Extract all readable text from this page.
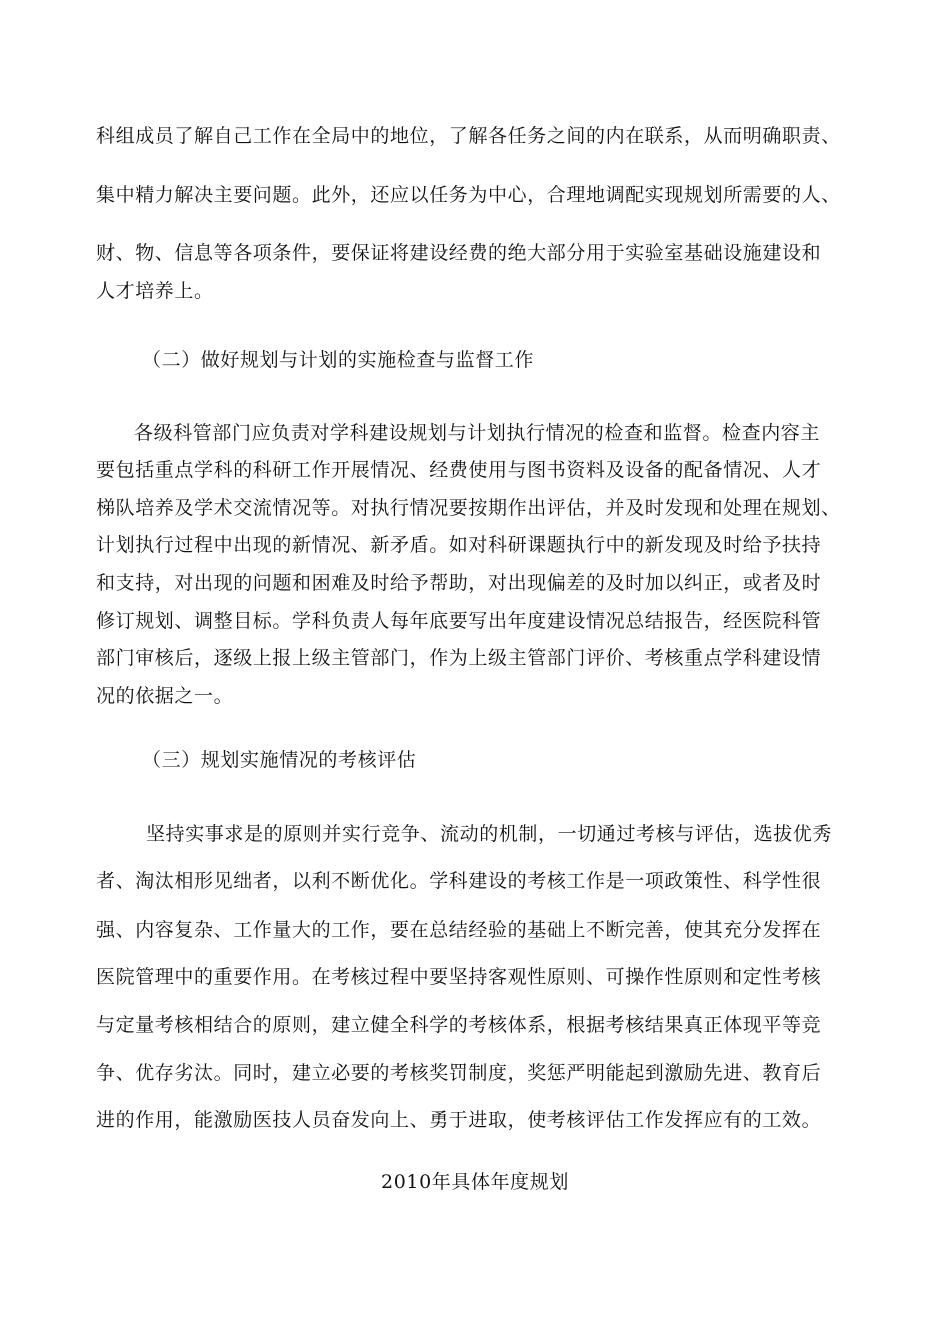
科组成员了解自己工作在全局中的地位，了解各任务之间的内在联系，从而明确职责、
集中精力解决主要问题。此外，还应以任务为中心，合理地调配实现规划所需要的人、
财、物、信息等各项条件，要保证将建设经费的绝大部分用于实验室基础设施建设和
人才培养上。
（二）做好规划与计划的实施检查与监督工作
各级科管部门应负责对学科建设规划与计划执行情况的检查和监督。检查内容主
要包括重点学科的科研工作开展情况、经费使用与图书资料及设备的配备情况、人才
梯队培养及学术交流情况等。对执行情况要按期作出评估，并及时发现和处理在规划、
计划执行过程中出现的新情况、新矛盾。如对科研课题执行中的新发现及时给予扶持
和支持，对出现的问题和困难及时给予帮助，对出现偏差的及时加以纠正，或者及时
修订规划、调整目标。学科负责人每年底要写出年度建设情况总结报告，经医院科管
部门审核后，逐级上报上级主管部门，作为上级主管部门评价、考核重点学科建设情
况的依据之一。
（三）规划实施情况的考核评估
坚持实事求是的原则并实行竞争、流动的机制，一切通过考核与评估，选拔优秀
者、淘汰相形见绌者，以利不断优化。学科建设的考核工作是一项政策性、科学性很
强、内容复杂、工作量大的工作，要在总结经验的基础上不断完善，使其充分发挥在
医院管理中的重要作用。在考核过程中要坚持客观性原则、可操作性原则和定性考核
与定量考核相结合的原则，建立健全科学的考核体系，根据考核结果真正体现平等竞
争、优存劣汰。同时，建立必要的考核奖罚制度，奖惩严明能起到激励先进、教育后
进的作用，能激励医技人员奋发向上、勇于进取，使考核评估工作发挥应有的工效。
2010年具体年度规划
